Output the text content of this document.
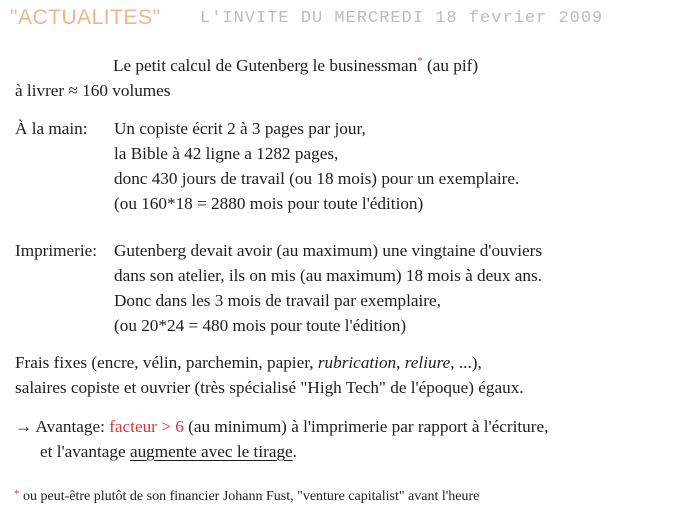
"ACTUALITES" L'INVITE DU MERCREDI 18 fevrier 2009
Le petit calcul de Gutenberg le businessman* (au pif)
à livrer ≈ 160 volumes
À la main: Un copiste écrit 2 à 3 pages par jour,
la Bible à 42 ligne a 1282 pages,
donc 430 jours de travail (ou 18 mois) pour un exemplaire.
(ou 160*18 = 2880 mois pour toute l'édition)
Imprimerie: Gutenberg devait avoir (au maximum) une vingtaine d'ouviers
dans son atelier, ils on mis (au maximum) 18 mois à deux ans.
Donc dans les 3 mois de travail par exemplaire,
(ou 20*24 = 480 mois pour toute l'édition)
Frais fixes (encre, vélin, parchemin, papier, rubrication, reliure, ...),
salaires copiste et ouvrier (très spécialisé "High Tech" de l'époque) égaux.
→ Avantage: facteur > 6 (au minimum) à l'imprimerie par rapport à l'écriture,
et l'avantage augmente avec le tirage.
* ou peut-être plutôt de son financier Johann Fust, "venture capitalist" avant l'heure
